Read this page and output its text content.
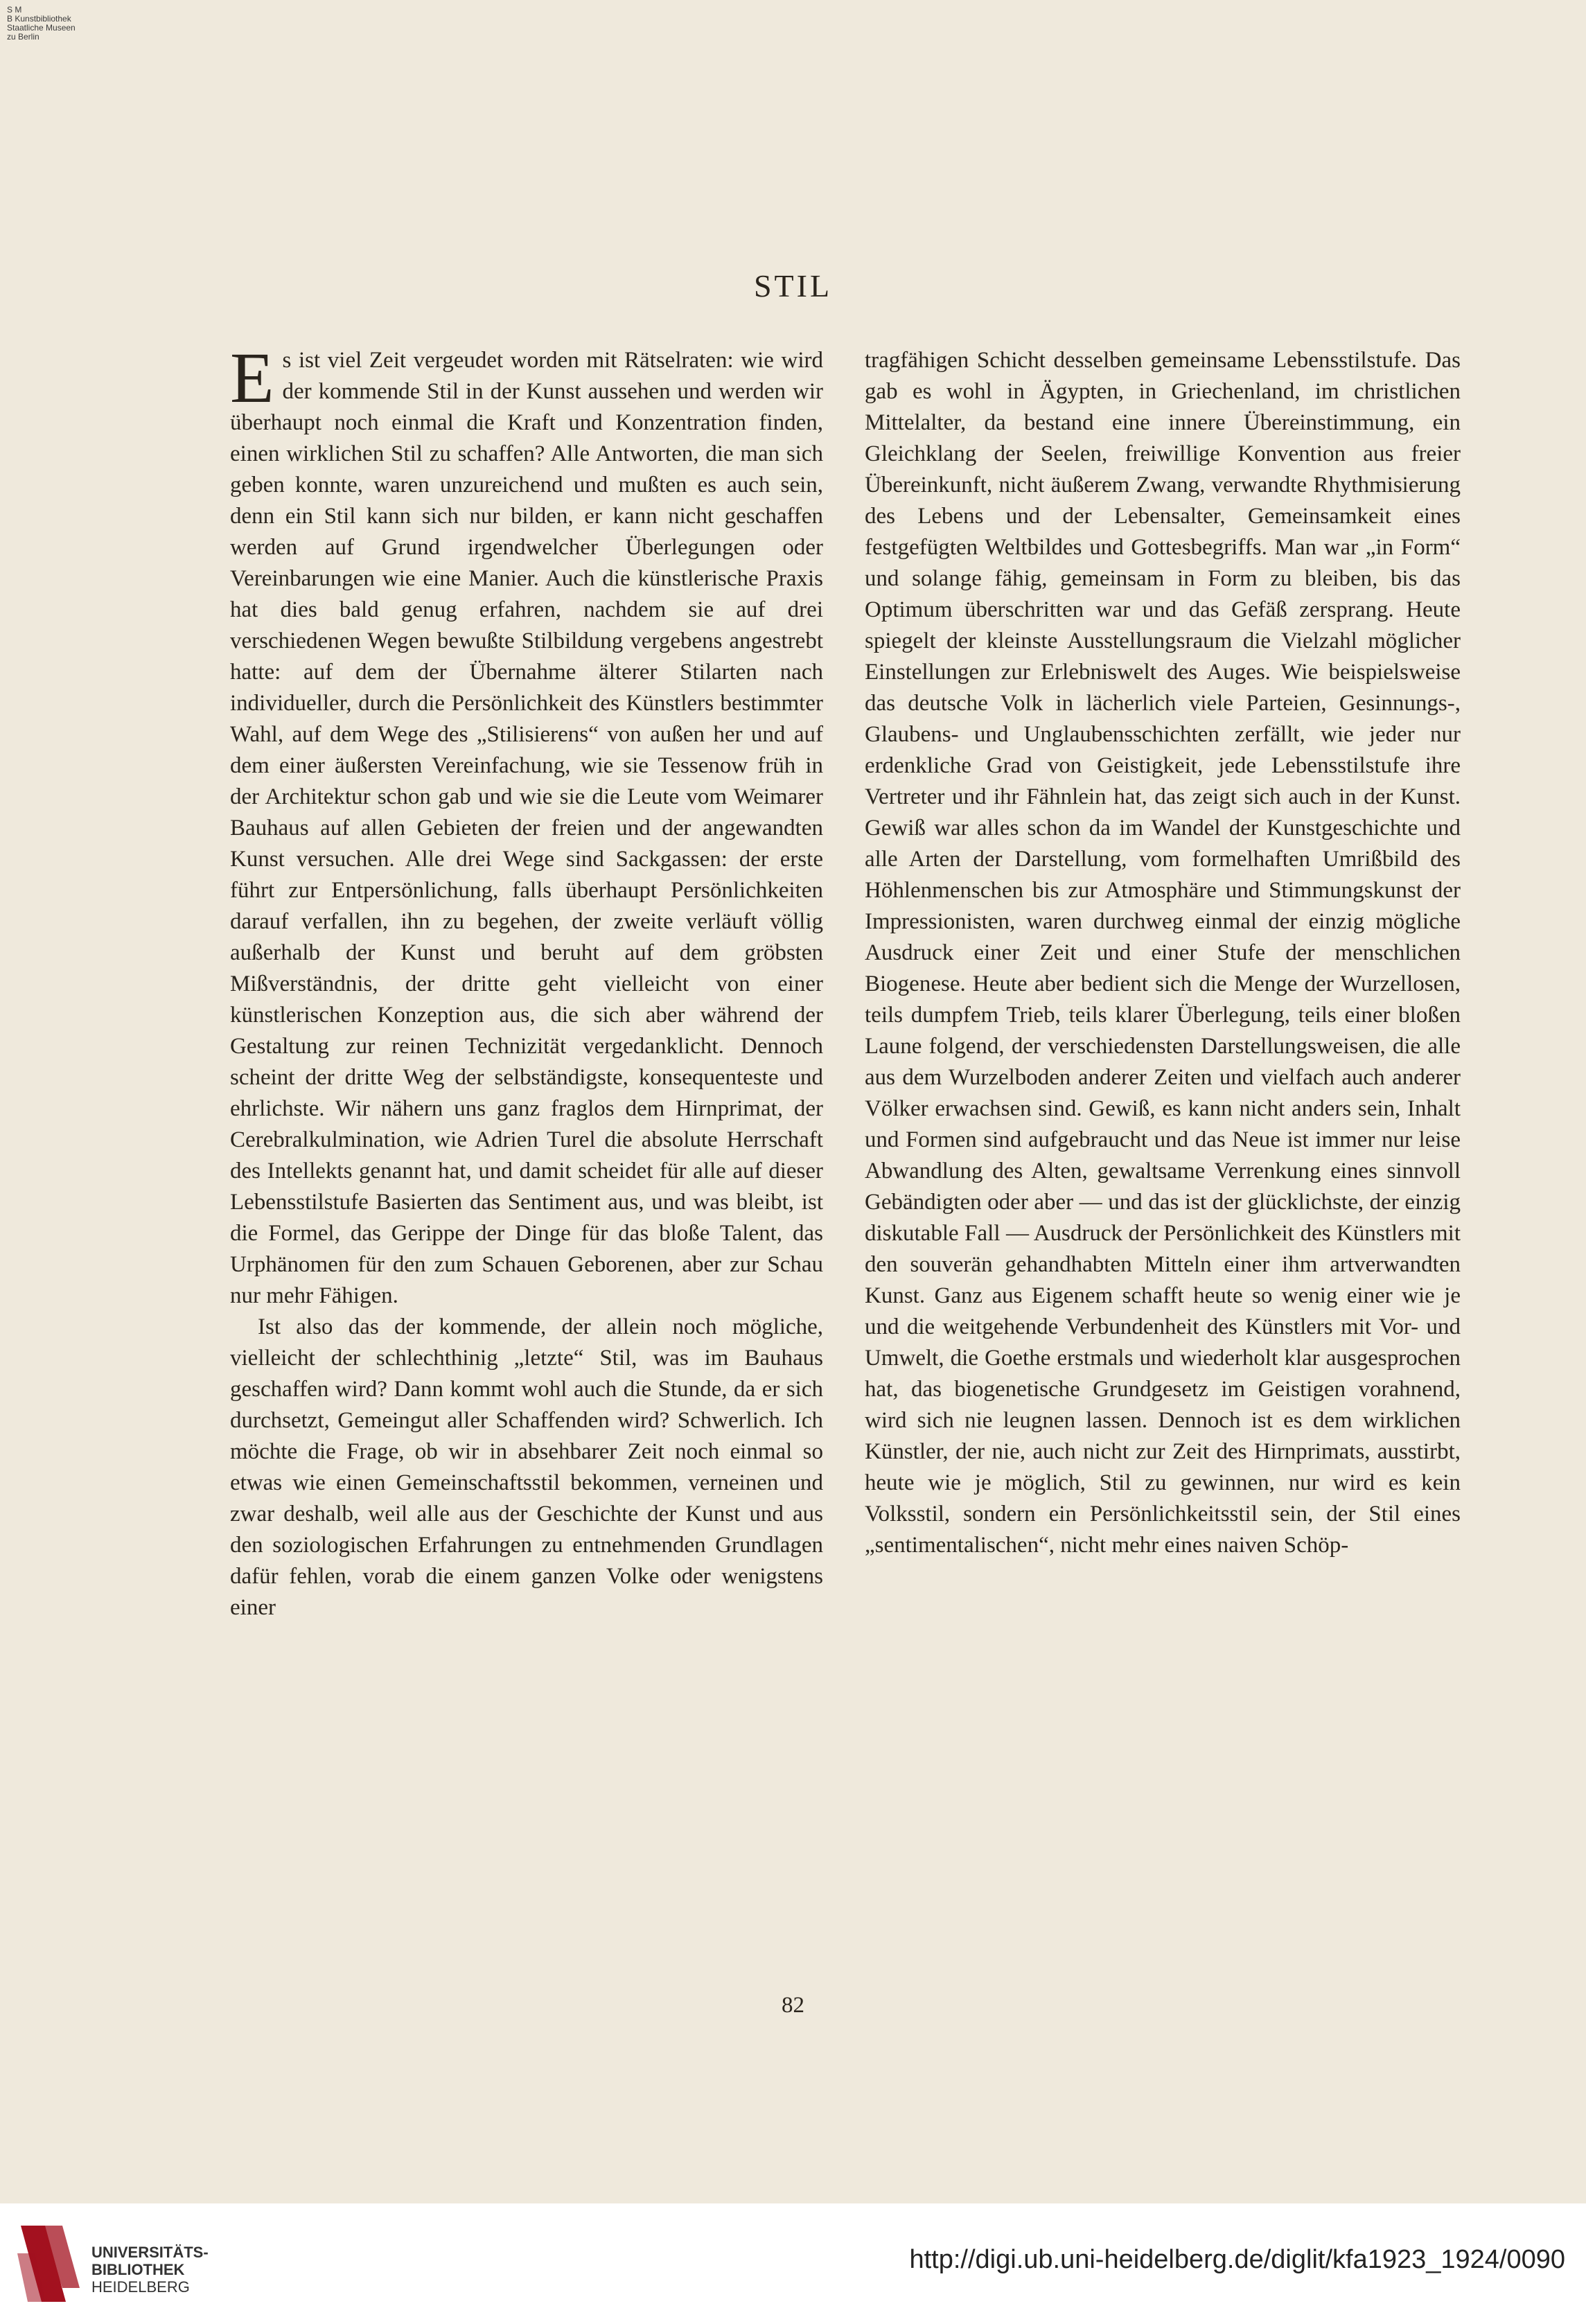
S M
B Kunstbibliothek
Staatliche Museen
zu Berlin
STIL

Es ist viel Zeit vergeudet worden mit Rätselraten: wie wird der kommende Stil in der Kunst aussehen und werden wir überhaupt noch einmal die Kraft und Konzentration finden, einen wirklichen Stil zu schaffen? Alle Antworten, die man sich geben konnte, waren unzureichend und mußten es auch sein, denn ein Stil kann sich nur bilden, er kann nicht geschaffen werden auf Grund irgendwelcher Überlegungen oder Vereinbarungen wie eine Manier. Auch die künstlerische Praxis hat dies bald genug erfahren, nachdem sie auf drei verschiedenen Wegen bewußte Stilbildung vergebens angestrebt hatte: auf dem der Übernahme älterer Stilarten nach individueller, durch die Persönlichkeit des Künstlers bestimmter Wahl, auf dem Wege des „Stilisierens“ von außen her und auf dem einer äußersten Vereinfachung, wie sie Tessenow früh in der Architektur schon gab und wie sie die Leute vom Weimarer Bauhaus auf allen Gebieten der freien und der angewandten Kunst versuchen. Alle drei Wege sind Sackgassen: der erste führt zur Entpersönlichung, falls überhaupt Persönlichkeiten darauf verfallen, ihn zu begehen, der zweite verläuft völlig außerhalb der Kunst und beruht auf dem gröbsten Mißverständnis, der dritte geht vielleicht von einer künstlerischen Konzeption aus, die sich aber während der Gestaltung zur reinen Technizität vergedanklicht. Dennoch scheint der dritte Weg der selbständigste, konsequenteste und ehrlichste. Wir nähern uns ganz fraglos dem Hirnprimat, der Cerebralkulmination, wie Adrien Turel die absolute Herrschaft des Intellekts genannt hat, und damit scheidet für alle auf dieser Lebensstilstufe Basierten das Sentiment aus, und was bleibt, ist die Formel, das Gerippe der Dinge für das bloße Talent, das Urphänomen für den zum Schauen Geborenen, aber zur Schau nur mehr Fähigen.

Ist also das der kommende, der allein noch mögliche, vielleicht der schlechthinig „letzte“ Stil, was im Bauhaus geschaffen wird? Dann kommt wohl auch die Stunde, da er sich durchsetzt, Gemeingut aller Schaffenden wird? Schwerlich. Ich möchte die Frage, ob wir in absehbarer Zeit noch einmal so etwas wie einen Gemeinschaftsstil bekommen, verneinen und zwar deshalb, weil alle aus der Geschichte der Kunst und aus den soziologischen Erfahrungen zu entnehmenden Grundlagen dafür fehlen, vorab die einem ganzen Volke oder wenigstens einer

tragfähigen Schicht desselben gemeinsame Lebensstilstufe. Das gab es wohl in Ägypten, in Griechenland, im christlichen Mittelalter, da bestand eine innere Übereinstimmung, ein Gleichklang der Seelen, freiwillige Konvention aus freier Übereinkunft, nicht äußerem Zwang, verwandte Rhythmisierung des Lebens und der Lebensalter, Gemeinsamkeit eines festgefügten Weltbildes und Gottesbegriffs. Man war „in Form“ und solange fähig, gemeinsam in Form zu bleiben, bis das Optimum überschritten war und das Gefäß zersprang. Heute spiegelt der kleinste Ausstellungsraum die Vielzahl möglicher Einstellungen zur Erlebniswelt des Auges. Wie beispielsweise das deutsche Volk in lächerlich viele Parteien, Gesinnungs-, Glaubens- und Unglaubensschichten zerfällt, wie jeder nur erdenkliche Grad von Geistigkeit, jede Lebensstilstufe ihre Vertreter und ihr Fähnlein hat, das zeigt sich auch in der Kunst. Gewiß war alles schon da im Wandel der Kunstgeschichte und alle Arten der Darstellung, vom formelhaften Umrißbild des Höhlenmenschen bis zur Atmosphäre und Stimmungskunst der Impressionisten, waren durchweg einmal der einzig mögliche Ausdruck einer Zeit und einer Stufe der menschlichen Biogenese. Heute aber bedient sich die Menge der Wurzellosen, teils dumpfem Trieb, teils klarer Überlegung, teils einer bloßen Laune folgend, der verschiedensten Darstellungsweisen, die alle aus dem Wurzelboden anderer Zeiten und vielfach auch anderer Völker erwachsen sind. Gewiß, es kann nicht anders sein, Inhalt und Formen sind aufgebraucht und das Neue ist immer nur leise Abwandlung des Alten, gewaltsame Verrenkung eines sinnvoll Gebändigten oder aber — und das ist der glücklichste, der einzig diskutable Fall — Ausdruck der Persönlichkeit des Künstlers mit den souverän gehandhabten Mitteln einer ihm artverwandten Kunst. Ganz aus Eigenem schafft heute so wenig einer wie je und die weitgehende Verbundenheit des Künstlers mit Vor- und Umwelt, die Goethe erstmals und wiederholt klar ausgesprochen hat, das biogenetische Grundgesetz im Geistigen vorahnend, wird sich nie leugnen lassen. Dennoch ist es dem wirklichen Künstler, der nie, auch nicht zur Zeit des Hirnprimats, ausstirbt, heute wie je möglich, Stil zu gewinnen, nur wird es kein Volksstil, sondern ein Persönlichkeitsstil sein, der Stil eines „sentimentalischen“, nicht mehr eines naiven Schöp-

82
UNIVERSITÄTS-
BIBLIOTHEK
HEIDELBERG
http://digi.ub.uni-heidelberg.de/diglit/kfa1923_1924/0090
